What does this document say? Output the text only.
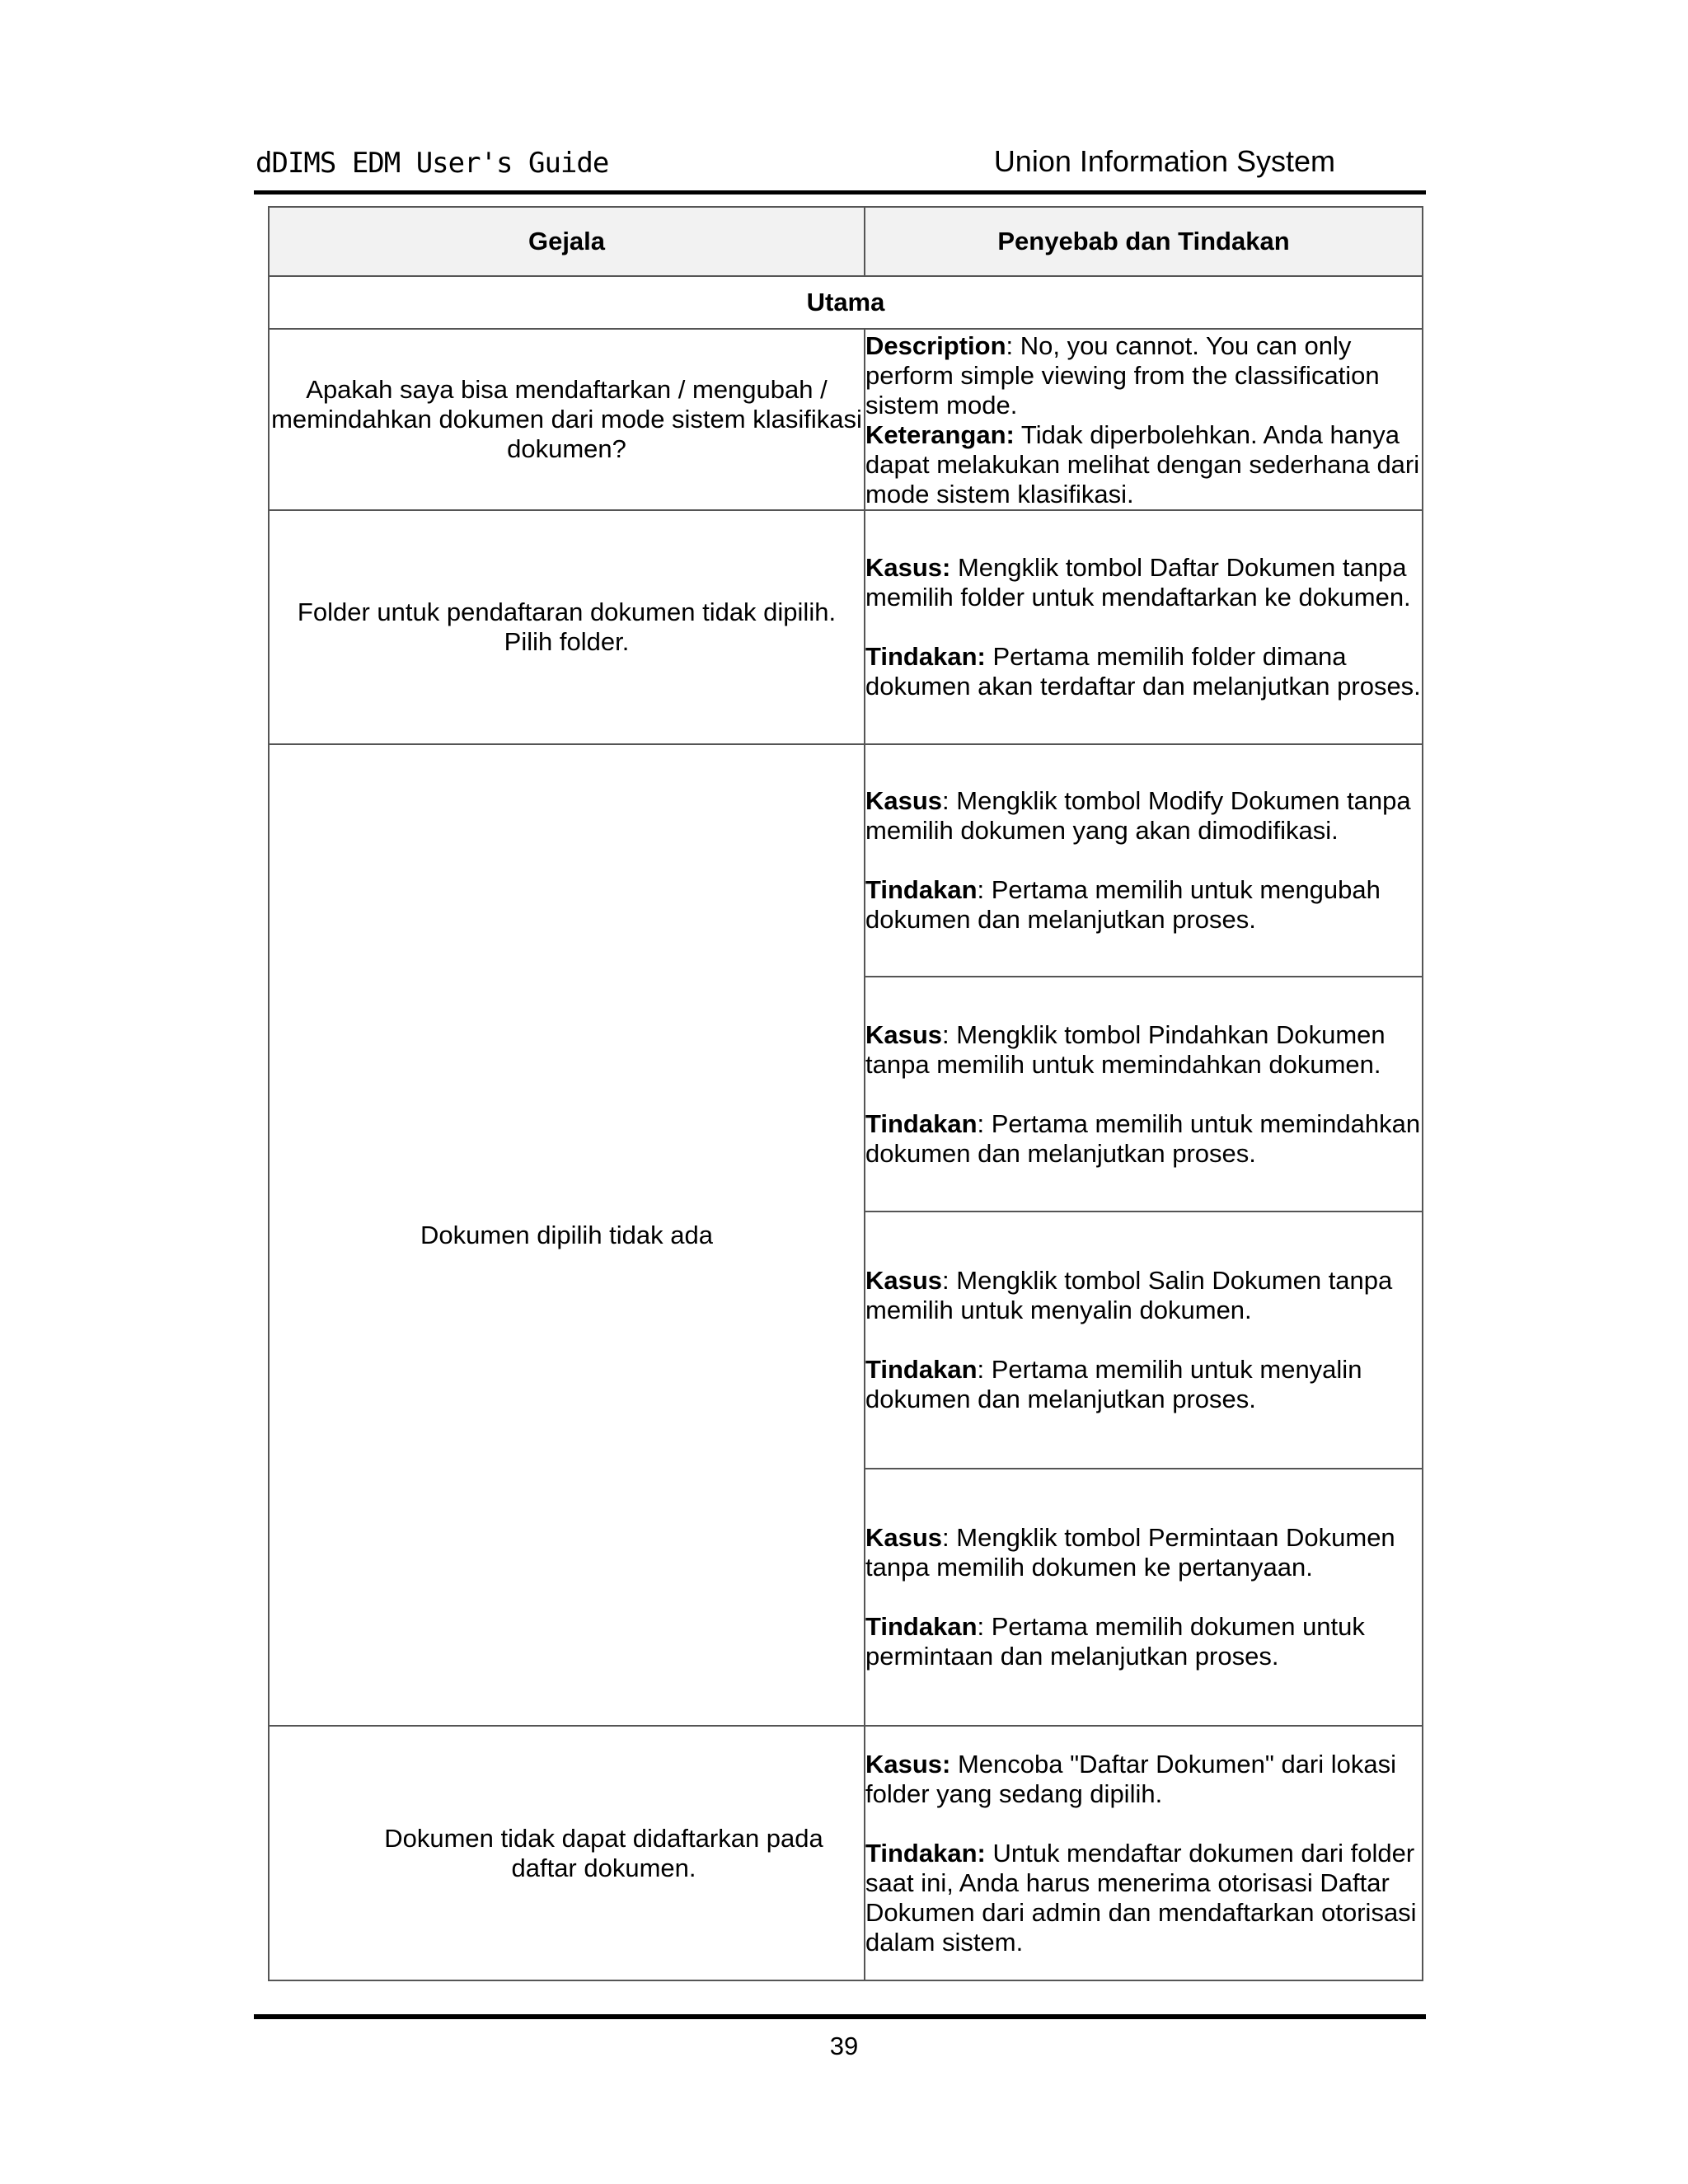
dDIMS EDM User's Guide	Union Information System
Gejala	Penyebab dan Tindakan
Utama	
Apakah saya bisa mendaftarkan / mengubah / memindahkan dokumen dari mode sistem klasifikasi dokumen?	Description: No, you cannot. You can only perform simple viewing from the classification sistem mode.
Keterangan: Tidak diperbolehkan. Anda hanya dapat melakukan melihat dengan sederhana dari mode sistem klasifikasi.

Folder untuk pendaftaran dokumen tidak dipilih.
Pilih folder.	Kasus: Mengklik tombol Daftar Dokumen tanpa memilih folder untuk mendaftarkan ke dokumen.
Tindakan: Pertama memilih folder dimana dokumen akan terdaftar dan melanjutkan proses.

Dokumen dipilih tidak ada	Kasus: Mengklik tombol Modify Dokumen tanpa memilih dokumen yang akan dimodifikasi.
Tindakan: Pertama memilih untuk mengubah dokumen dan melanjutkan proses.

	Kasus: Mengklik tombol Pindahkan Dokumen tanpa memilih untuk memindahkan dokumen.
Tindakan: Pertama memilih untuk memindahkan dokumen dan melanjutkan proses.

	Kasus: Mengklik tombol Salin Dokumen tanpa memilih untuk menyalin dokumen.
Tindakan: Pertama memilih untuk menyalin dokumen dan melanjutkan proses.

	Kasus: Mengklik tombol Permintaan Dokumen tanpa memilih dokumen ke pertanyaan.
Tindakan: Pertama memilih dokumen untuk permintaan dan melanjutkan proses.

Dokumen tidak dapat didaftarkan pada daftar dokumen.	Kasus: Mencoba "Daftar Dokumen" dari lokasi folder yang sedang dipilih.
Tindakan: Untuk mendaftar dokumen dari folder saat ini, Anda harus menerima otorisasi Daftar Dokumen dari admin dan mendaftarkan otorisasi dalam sistem.
39
